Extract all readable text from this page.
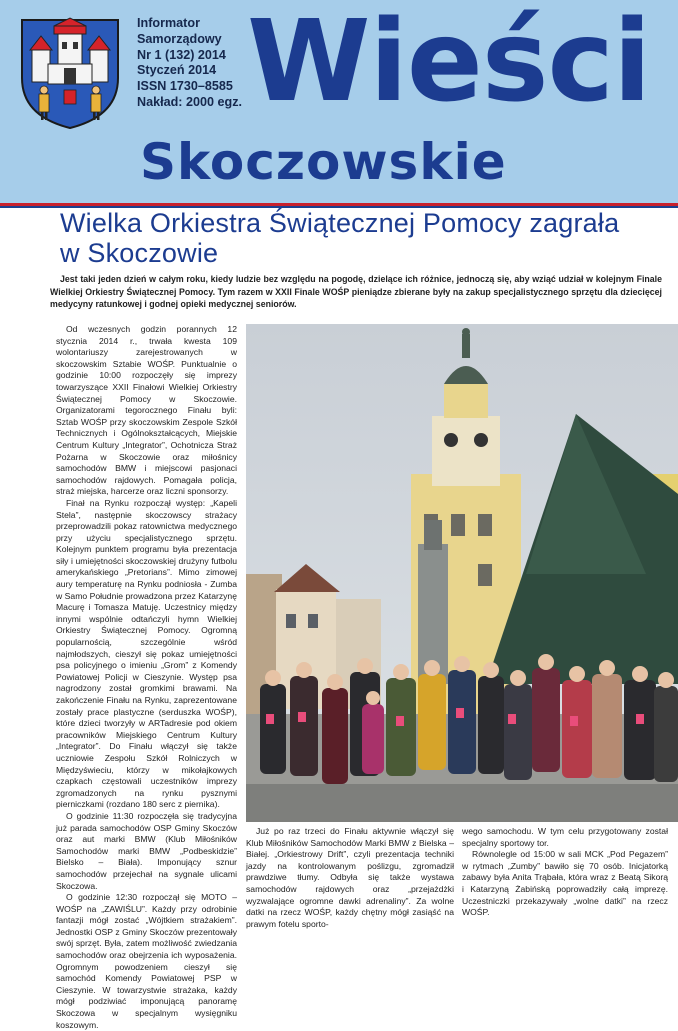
Informator
Samorządowy
Nr 1 (132) 2014
Styczeń 2014
ISSN 1730–8585
Nakład: 2000 egz. Wieści
Skoczowskie
Wielka Orkiestra Świątecznej Pomocy zagrała
w Skoczowie

Jest taki jeden dzień w całym roku, kiedy ludzie bez względu na pogodę, dzielące ich różnice, jednoczą się, aby wziąć udział w kolejnym Finale Wielkiej Orkiestry Świątecznej Pomocy. Tym razem w XXII Finale WOŚP pieniądze zbierane były na zakup specjalistycznego sprzętu dla dziecięcej medycyny ratunkowej i godnej opieki medycznej seniorów.

Od wczesnych godzin porannych 12 stycznia 2014 r., trwała kwesta 109 wolontariuszy zarejestrowanych w skoczowskim Sztabie WOŚP. Punktualnie o godzinie 10:00 rozpoczęły się imprezy towarzyszące XXII Finałowi Wielkiej Orkiestry Świątecznej Pomocy w Skoczowie. Organizatorami tegorocznego Finału byli: Sztab WOŚP przy skoczowskim Zespole Szkół Technicznych i Ogólnokształcących, Miejskie Centrum Kultury „Integrator”, Ochotnicza Straż Pożarna w Skoczowie oraz miłośnicy samochodów BMW i miejscowi pasjonaci samochodów rajdowych. Pomagała policja, straż miejska, harcerze oraz liczni sponsorzy.

Finał na Rynku rozpoczął występ: „Kapeli Stela”, następnie skoczowscy strażacy przeprowadzili pokaz ratownictwa medycznego przy użyciu specjalistycznego sprzętu. Kolejnym punktem programu była prezentacja siły i umiejętności skoczowskiej drużyny futbolu amerykańskiego „Pretorians”. Mimo zimowej aury temperaturę na Rynku podniosła - Zumba w Samo Południe prowadzona przez Katarzynę Macurę i Tomasza Matuję. Uczestnicy między innymi wspólnie odtańczyli hymn Wielkiej Orkiestry Świątecznej Pomocy. Ogromną popularnością, szczególnie wśród najmłodszych, cieszył się pokaz umiejętności psa policyjnego o imieniu „Grom” z Komendy Powiatowej Policji w Cieszynie. Występ psa nagrodzony został gromkimi brawami. Na zakończenie Finału na Rynku, zaprezentowane zostały prace plastyczne (serduszka WOŚP), które dzieci tworzyły w ARTadresie pod okiem pracowników Miejskiego Centrum Kultury „Integrator”. Do Finału włączył się także uczniowie Zespołu Szkół Rolniczych w Międzyświeciu, którzy w mikołajkowych czapkach częstowali uczestników imprezy zgromadzonych na rynku pysznymi pierniczkami (rozdano 180 serc z piernika).

O godzinie 11:30 rozpoczęła się tradycyjna już parada samochodów OSP Gminy Skoczów oraz aut marki BMW (Klub Miłośników Samochodów marki BMW „Podbeskidzie” Bielsko – Biała). Imponujący sznur samochodów przejechał na sygnale ulicami Skoczowa.

O godzinie 12:30 rozpoczął się MOTO – WOŚP na „ZAWIŚLU”. Każdy przy odrobinie fantazji mógł zostać „Wójtkiem strażakiem”. Jednostki OSP z Gminy Skoczów prezentowały swój sprzęt. Była, zatem możliwość zwiedzania samochodów oraz obejrzenia ich wyposażenia. Ogromnym powodzeniem cieszył się samochód Komendy Powiatowej PSP w Cieszynie. W towarzystwie strażaka, każdy mógł podziwiać imponującą panoramę Skoczowa w specjalnym wysięgniku koszowym.

Już po raz trzeci do Finału aktywnie włączył się Klub Miłośników Samochodów Marki BMW z Bielska – Białej. „Orkiestrowy Drift”, czyli prezentacja techniki jazdy na kontrolowanym poślizgu, zgromadził prawdziwe tłumy. Odbyła się także wystawa samochodów rajdowych oraz „przejażdżki wyzwalające ogromne dawki adrenaliny”. Za wolne datki na rzecz WOŚP, każdy chętny mógł zasiąść na prawym fotelu sporto-

wego samochodu. W tym celu przygotowany został specjalny sportowy tor.

Równolegle od 15:00 w sali MCK „Pod Pegazem” w rytmach „Zumby” bawiło się 70 osób. Inicjatorką zabawy była Anita Trąbała, która wraz z Beatą Sikorą i Katarzyną Żabińską poprowadziły całą imprezę. Uczestniczki przekazywały „wolne datki” na rzecz WOŚP.
